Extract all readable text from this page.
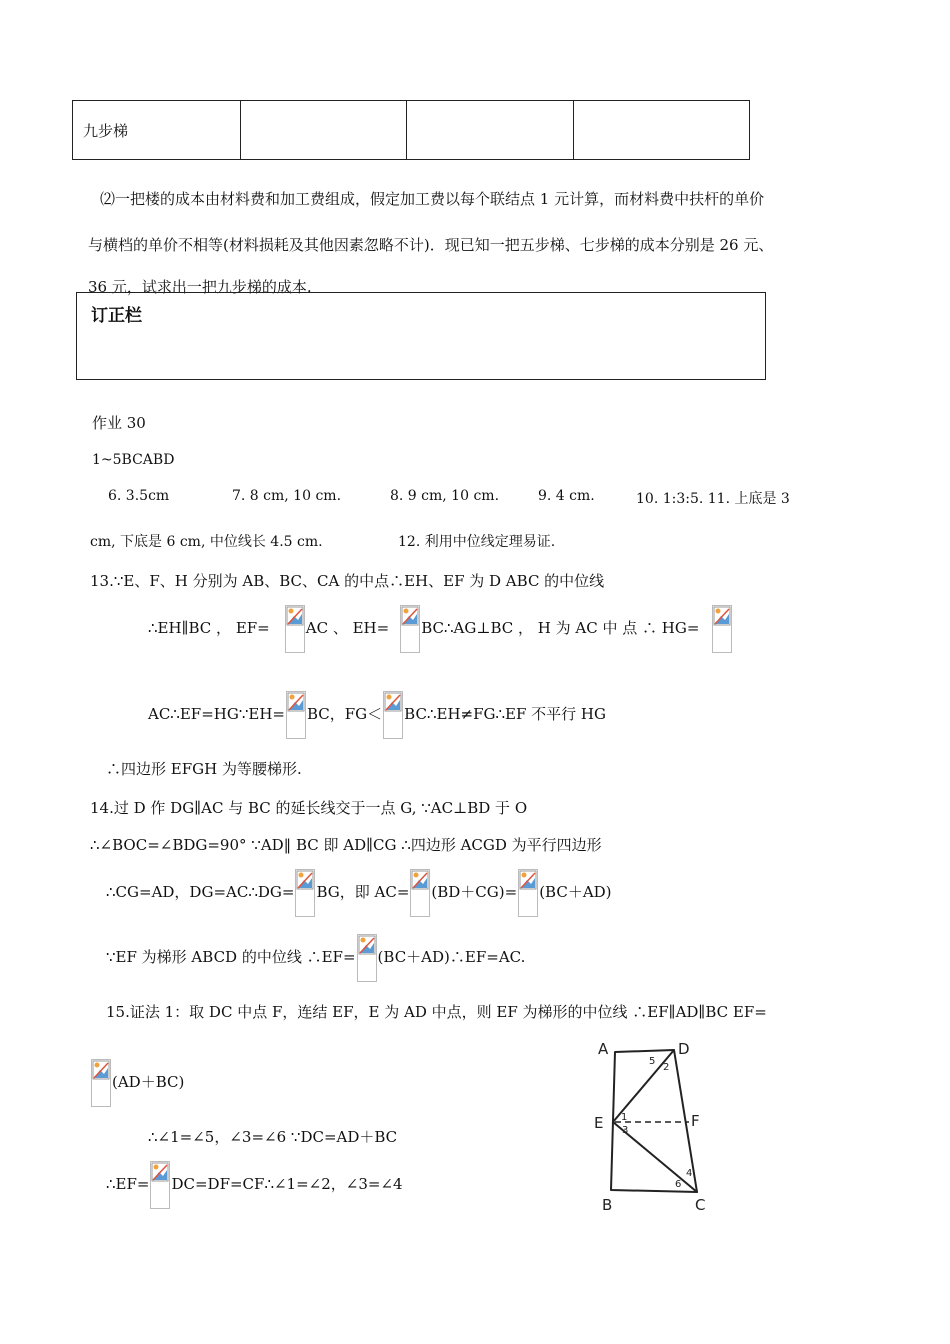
九步梯
⑵一把楼的成本由材料费和加工费组成，假定加工费以每个联结点 1 元计算，而材料费中扶杆的单价
与横档的单价不相等(材料损耗及其他因素忽略不计)．现已知一把五步梯、七步梯的成本分别是 26 元、
36 元，试求出一把九步梯的成本.
订正栏
作业 30
1~5BCABD
6. 3.5cm	7. 8 cm, 10 cm.	8. 9 cm, 10 cm.	9. 4 cm.	10. 1:3:5. 11. 上底是 3
cm, 下底是 6 cm, 中位线长 4.5 cm.	12. 利用中位线定理易证.
13.∵E、F、H 分别为 AB、BC、CA 的中点∴EH、EF 为 D ABC 的中位线
∴EH∥BC ， EF= AC 、 EH= BC∴AG⊥BC ， H 为 AC 中 点 ∴ HG=
AC∴EF=HG∵EH= BC，FG＜ BC∴EH≠FG∴EF 不平行 HG
∴四边形 EFGH 为等腰梯形.
14.过 D 作 DG∥AC 与 BC 的延长线交于一点 G, ∵AC⊥BD 于 O
∴∠BOC=∠BDG=90° ∵AD‖ BC 即 AD∥CG ∴四边形 ACGD 为平行四边形
∴CG=AD，DG=AC∴DG= BG，即 AC= (BD＋CG)= (BC＋AD)
∵EF 为梯形 ABCD 的中位线 ∴EF= (BC＋AD)∴EF=AC.
15.证法 1：取 DC 中点 F，连结 EF，E 为 AD 中点，则 EF 为梯形的中位线 ∴EF∥AD∥BC EF=
(AD＋BC)
∴∠1=∠5，∠3=∠6 ∵DC=AD＋BC
∴EF= DC=DF=CF∴∠1=∠2，∠3=∠4
A	D
E	F
B	C
5
2
1
3
4
6
